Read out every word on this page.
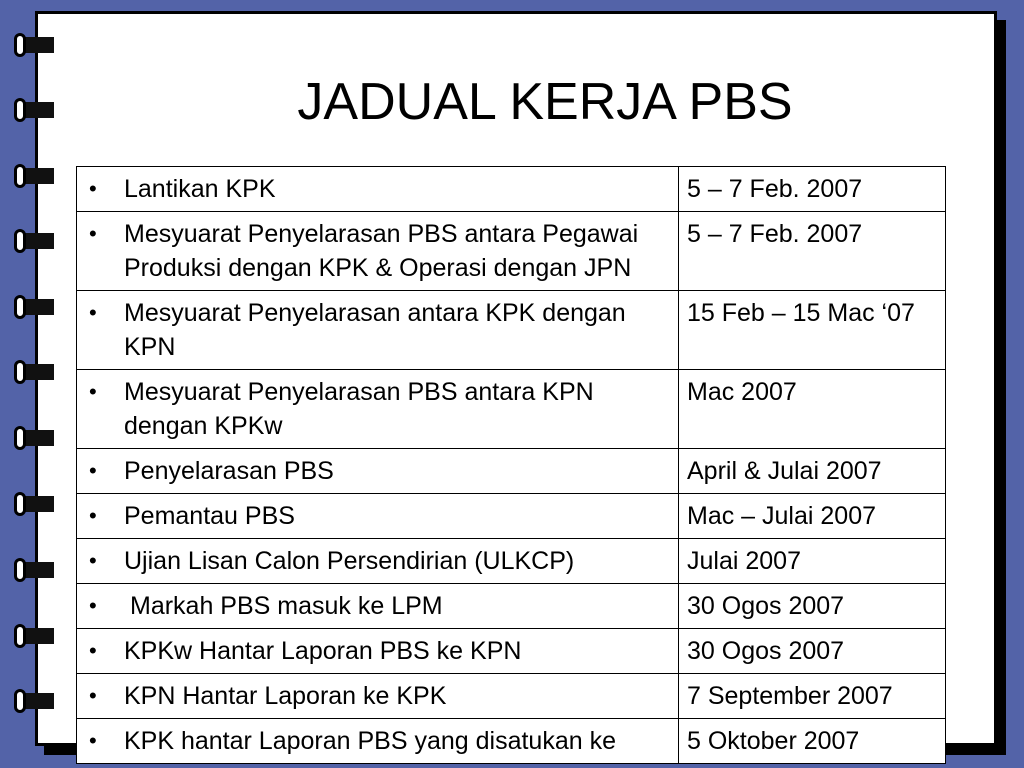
JADUAL KERJA PBS
• Lantikan KPK	5 – 7 Feb. 2007

• Mesyuarat Penyelarasan PBS antara Pegawai Produksi dengan KPK & Operasi dengan JPN	5 – 7 Feb. 2007

• Mesyuarat Penyelarasan antara KPK dengan KPN	15 Feb – 15 Mac ‘07

• Mesyuarat Penyelarasan PBS antara KPN dengan KPKw	Mac 2007

• Penyelarasan PBS	April & Julai 2007

• Pemantau PBS	Mac – Julai 2007

• Ujian Lisan Calon Persendirian (ULKCP)	Julai 2007

• Markah PBS masuk ke LPM	30 Ogos 2007

• KPKw Hantar Laporan PBS ke KPN	30 Ogos 2007

• KPN Hantar Laporan ke KPK	7 September 2007

• KPK hantar Laporan PBS yang disatukan ke	5 Oktober 2007
